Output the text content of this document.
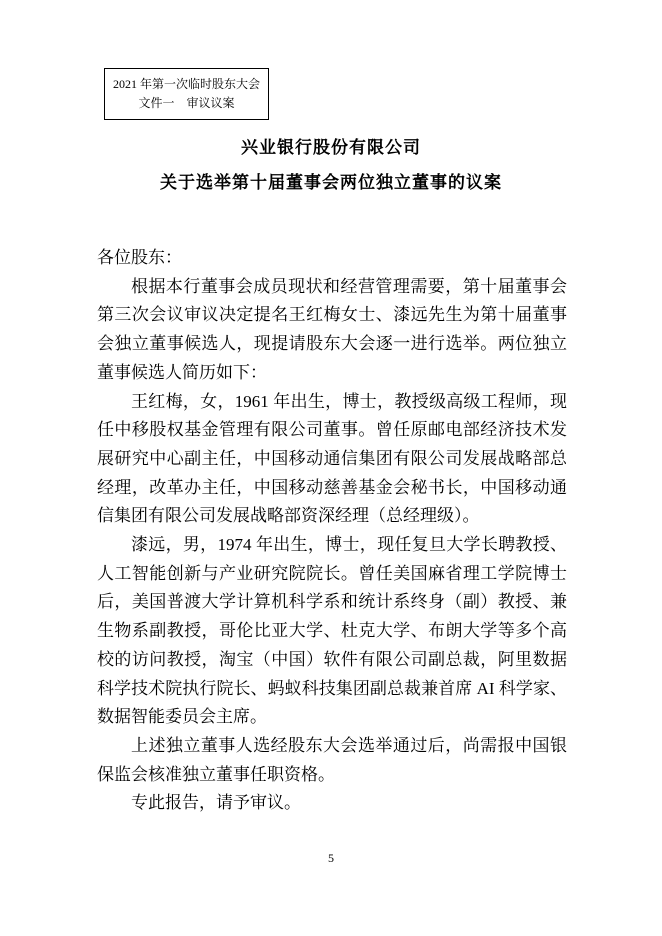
2021 年第一次临时股东大会
文件一　审议议案
兴业银行股份有限公司
关于选举第十届董事会两位独立董事的议案

各位股东：

根据本行董事会成员现状和经营管理需要，第十届董事会第三次会议审议决定提名王红梅女士、漆远先生为第十届董事会独立董事候选人，现提请股东大会逐一进行选举。两位独立董事候选人简历如下：

王红梅，女，1961 年出生，博士，教授级高级工程师，现任中移股权基金管理有限公司董事。曾任原邮电部经济技术发展研究中心副主任，中国移动通信集团有限公司发展战略部总经理，改革办主任，中国移动慈善基金会秘书长，中国移动通信集团有限公司发展战略部资深经理（总经理级）。

漆远，男，1974 年出生，博士，现任复旦大学长聘教授、人工智能创新与产业研究院院长。曾任美国麻省理工学院博士后，美国普渡大学计算机科学系和统计系终身（副）教授、兼生物系副教授，哥伦比亚大学、杜克大学、布朗大学等多个高校的访问教授，淘宝（中国）软件有限公司副总裁，阿里数据科学技术院执行院长、蚂蚁科技集团副总裁兼首席 AI 科学家、数据智能委员会主席。

上述独立董事人选经股东大会选举通过后，尚需报中国银保监会核准独立董事任职资格。

专此报告，请予审议。

5
